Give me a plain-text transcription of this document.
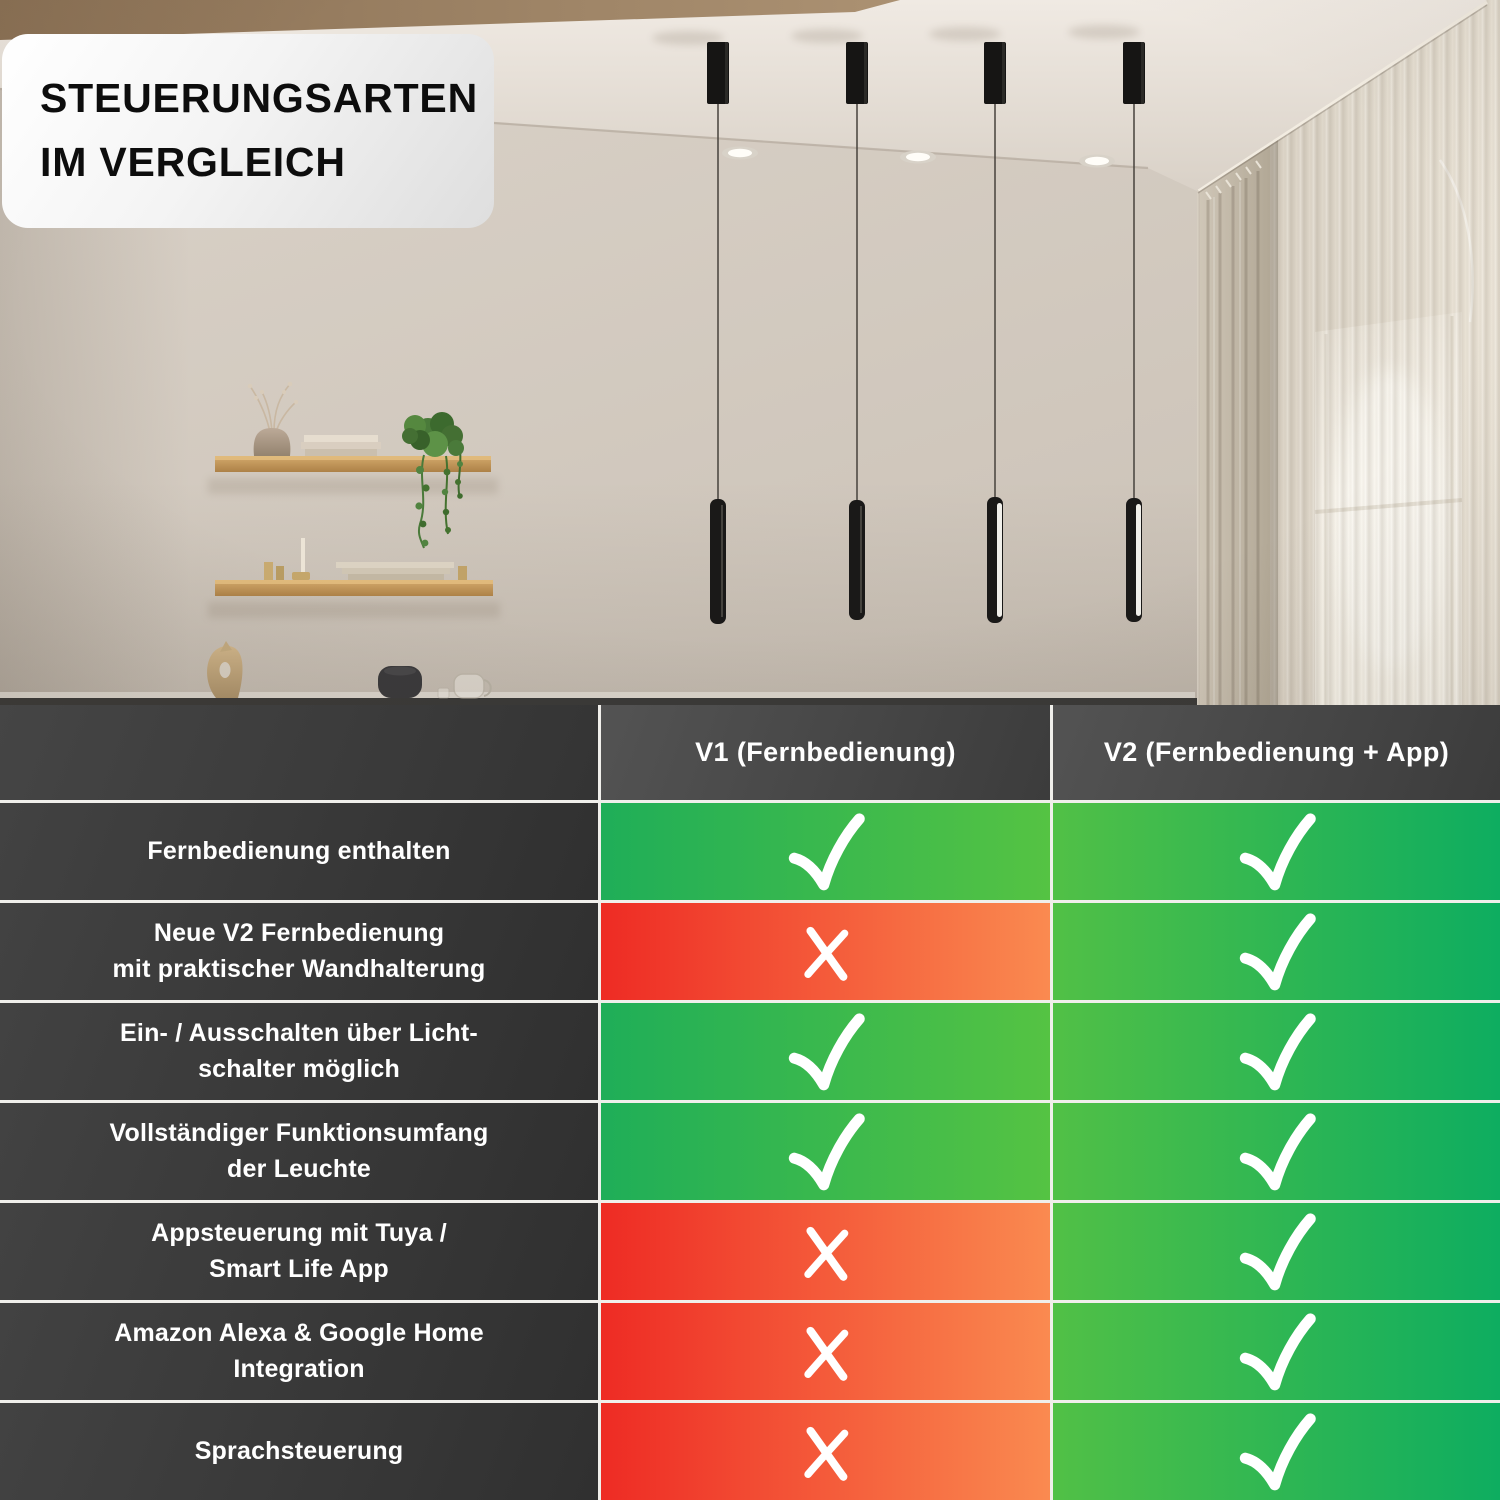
STEUERUNGSARTEN
IM VERGLEICH
V1 (Fernbedienung)	V2 (Fernbedienung + App)
Fernbedienung enthalten
Neue V2 Fernbedienung
mit praktischer Wandhalterung
Ein- / Ausschalten über Licht-
schalter möglich
Vollständiger Funktionsumfang
der Leuchte
Appsteuerung mit Tuya /
Smart Life App
Amazon Alexa & Google Home
Integration
Sprachsteuerung
